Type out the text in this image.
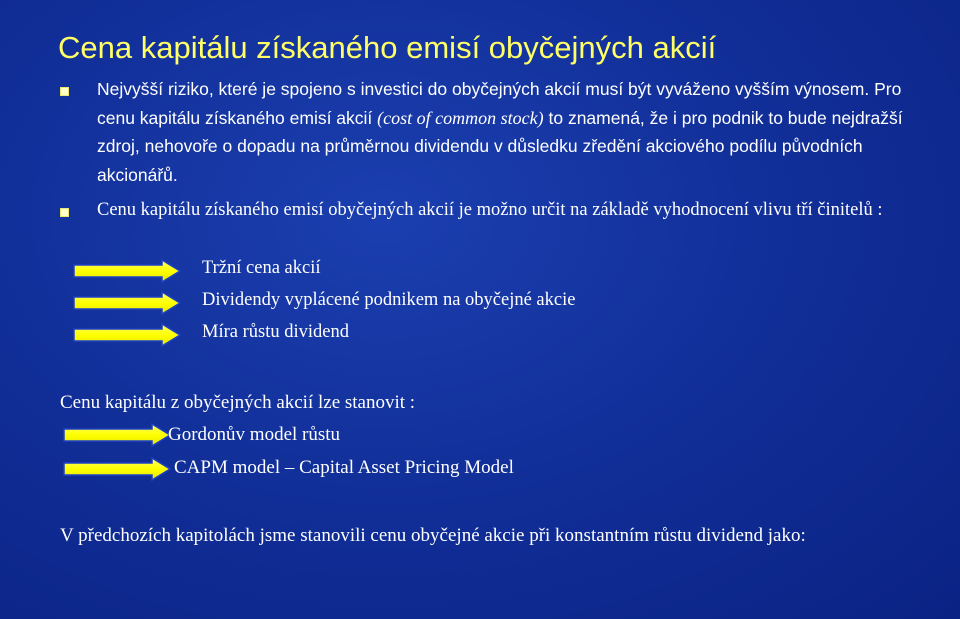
Cena kapitálu získaného emisí obyčejných akcií
Nejvyšší riziko, které je spojeno s investici do obyčejných akcií musí být vyváženo vyšším výnosem. Pro cenu kapitálu získaného emisí akcií (cost of common stock) to znamená, že i pro podnik to bude nejdražší zdroj, nehovoře o dopadu na průměrnou dividendu v důsledku zředění akciového podílu původních akcionářů.
Cenu kapitálu získaného emisí obyčejných akcií je možno určit na základě vyhodnocení vlivu tří činitelů :
Tržní cena akcií
Dividendy vyplácené podnikem na obyčejné akcie
Míra růstu dividend
Cenu kapitálu z obyčejných akcií lze stanovit :
Gordonův model růstu
CAPM model – Capital Asset Pricing Model
V předchozích kapitolách jsme stanovili cenu obyčejné akcie při konstantním růstu dividend jako:
